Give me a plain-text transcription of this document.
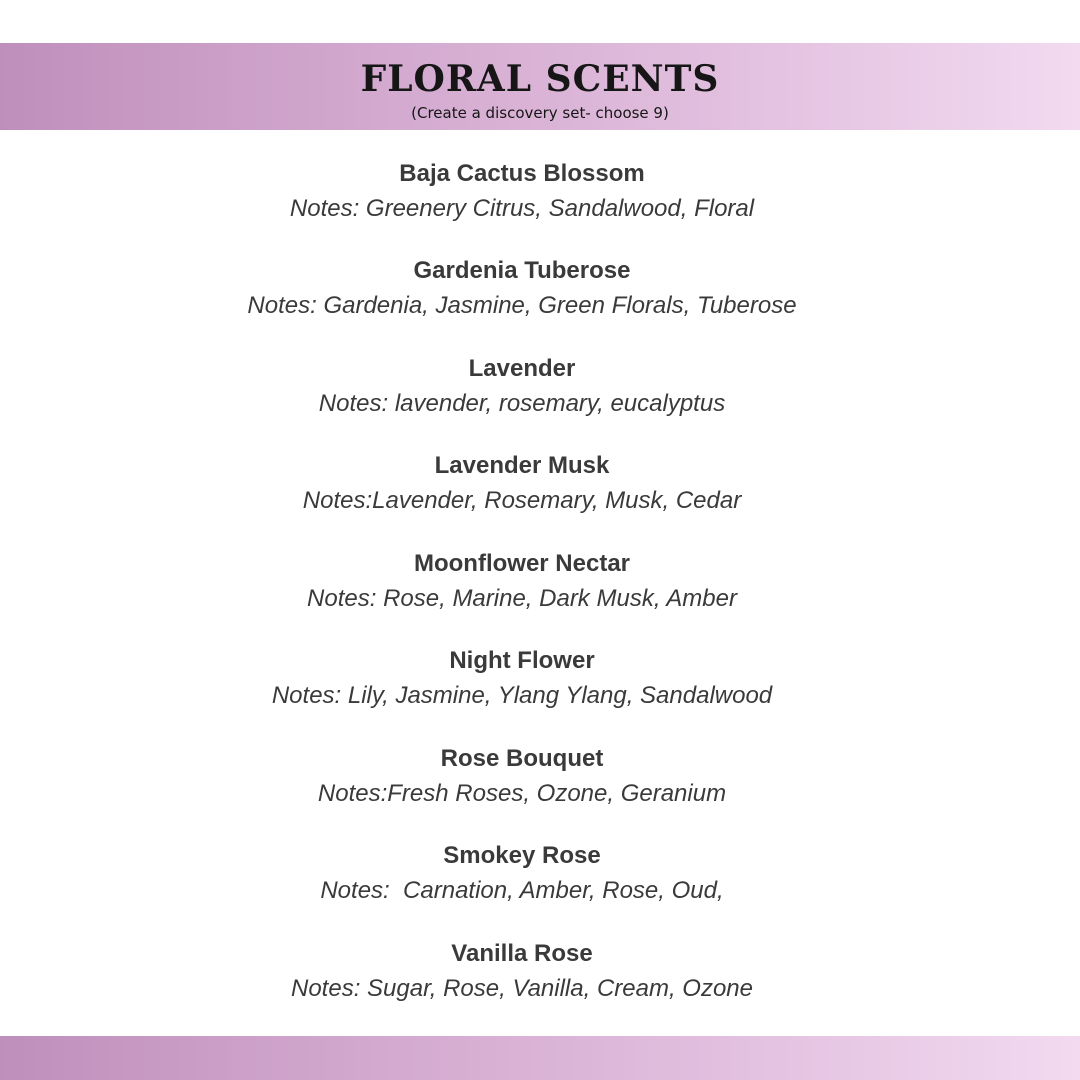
FLORAL SCENTS
(Create a discovery set- choose 9)
Baja Cactus Blossom
Notes: Greenery Citrus, Sandalwood, Floral
Gardenia Tuberose
Notes: Gardenia, Jasmine, Green Florals, Tuberose
Lavender
Notes: lavender, rosemary, eucalyptus
Lavender Musk
Notes:Lavender, Rosemary, Musk, Cedar
Moonflower Nectar
Notes: Rose, Marine, Dark Musk, Amber
Night Flower
Notes: Lily, Jasmine, Ylang Ylang, Sandalwood
Rose Bouquet
Notes:Fresh Roses, Ozone, Geranium
Smokey Rose
Notes:  Carnation, Amber, Rose, Oud,
Vanilla Rose
Notes: Sugar, Rose, Vanilla, Cream, Ozone
